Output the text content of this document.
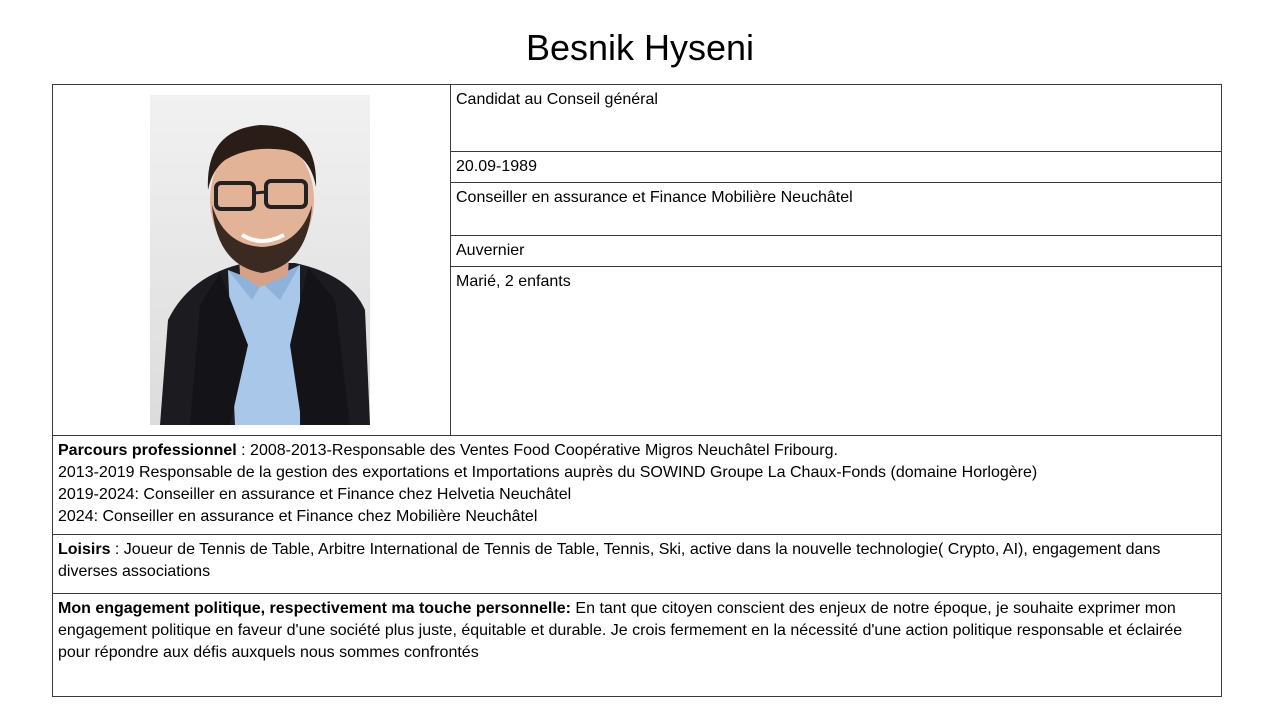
Besnik Hyseni
Candidat au Conseil général
20.09-1989
Conseiller en assurance et Finance Mobilière Neuchâtel
Auvernier
Marié, 2 enfants
Parcours professionnel : 2008-2013-Responsable des Ventes Food Coopérative Migros Neuchâtel Fribourg.
2013-2019 Responsable de la gestion des exportations et Importations auprès du SOWIND Groupe La Chaux-Fonds (domaine Horlogère)
2019-2024: Conseiller en assurance et Finance chez Helvetia Neuchâtel
2024: Conseiller en assurance et Finance chez Mobilière Neuchâtel
Loisirs : Joueur de Tennis de Table, Arbitre International de Tennis de Table, Tennis, Ski, active dans la nouvelle technologie( Crypto, AI), engagement dans diverses associations
Mon engagement politique, respectivement ma touche personnelle: En tant que citoyen conscient des enjeux de notre époque, je souhaite exprimer mon engagement politique en faveur d'une société plus juste, équitable et durable. Je crois fermement en la nécessité d'une action politique responsable et éclairée pour répondre aux défis auxquels nous sommes confrontés
